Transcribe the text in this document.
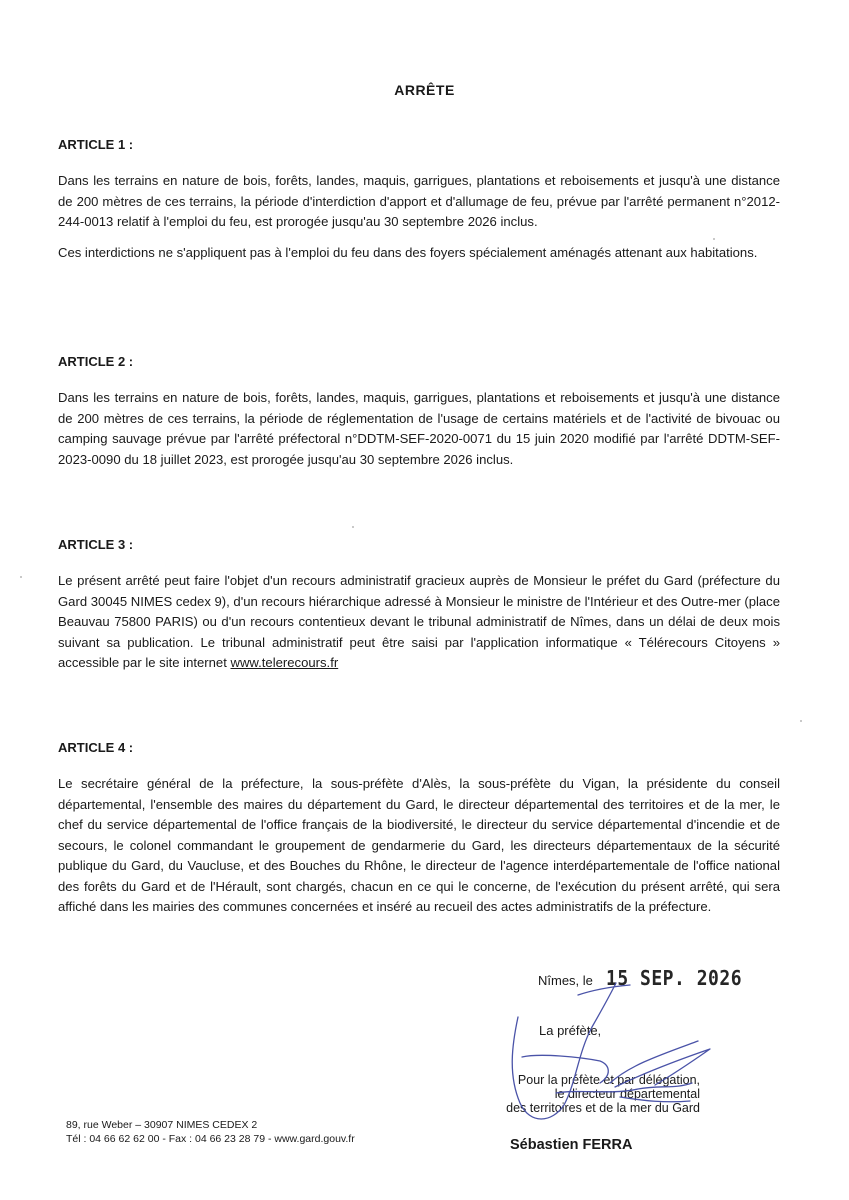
ARRÊTE
ARTICLE 1 :

Dans les terrains en nature de bois, forêts, landes, maquis, garrigues, plantations et reboisements et jusqu'à une distance de 200 mètres de ces terrains, la période d'interdiction d'apport et d'allumage de feu, prévue par l'arrêté permanent n°2012-244-0013 relatif à l'emploi du feu, est prorogée jusqu'au 30 septembre 2026 inclus.

Ces interdictions ne s'appliquent pas à l'emploi du feu dans des foyers spécialement aménagés attenant aux habitations.

ARTICLE 2 :

Dans les terrains en nature de bois, forêts, landes, maquis, garrigues, plantations et reboisements et jusqu'à une distance de 200 mètres de ces terrains, la période de réglementation de l'usage de certains matériels et de l'activité de bivouac ou camping sauvage prévue par l'arrêté préfectoral n°DDTM-SEF-2020-0071 du 15 juin 2020 modifié par l'arrêté DDTM-SEF-2023-0090 du 18 juillet 2023, est prorogée jusqu'au 30 septembre 2026 inclus.

ARTICLE 3 :

Le présent arrêté peut faire l'objet d'un recours administratif gracieux auprès de Monsieur le préfet du Gard (préfecture du Gard 30045 NIMES cedex 9), d'un recours hiérarchique adressé à Monsieur le ministre de l'Intérieur et des Outre-mer (place Beauvau 75800 PARIS) ou d'un recours contentieux devant le tribunal administratif de Nîmes, dans un délai de deux mois suivant sa publication. Le tribunal administratif peut être saisi par l'application informatique « Télérecours Citoyens » accessible par le site internet www.telerecours.fr

ARTICLE 4 :

Le secrétaire général de la préfecture, la sous-préfète d'Alès, la sous-préfète du Vigan, la présidente du conseil départemental, l'ensemble des maires du département du Gard, le directeur départemental des territoires et de la mer, le chef du service départemental de l'office français de la biodiversité, le directeur du service départemental d'incendie et de secours, le colonel commandant le groupement de gendarmerie du Gard, les directeurs départementaux de la sécurité publique du Gard, du Vaucluse, et des Bouches du Rhône, le directeur de l'agence interdépartementale de l'office national des forêts du Gard et de l'Hérault, sont chargés, chacun en ce qui le concerne, de l'exécution du présent arrêté, qui sera affiché dans les mairies des communes concernées et inséré au recueil des actes administratifs de la préfecture.

Nîmes, le 15 SEP. 2026
La préfète,
Pour la préfète et par délégation,
le directeur départemental
des territoires et de la mer du Gard
Sébastien FERRA
89, rue Weber – 30907 NIMES CEDEX 2
Tél : 04 66 62 62 00 - Fax : 04 66 23 28 79 - www.gard.gouv.fr
